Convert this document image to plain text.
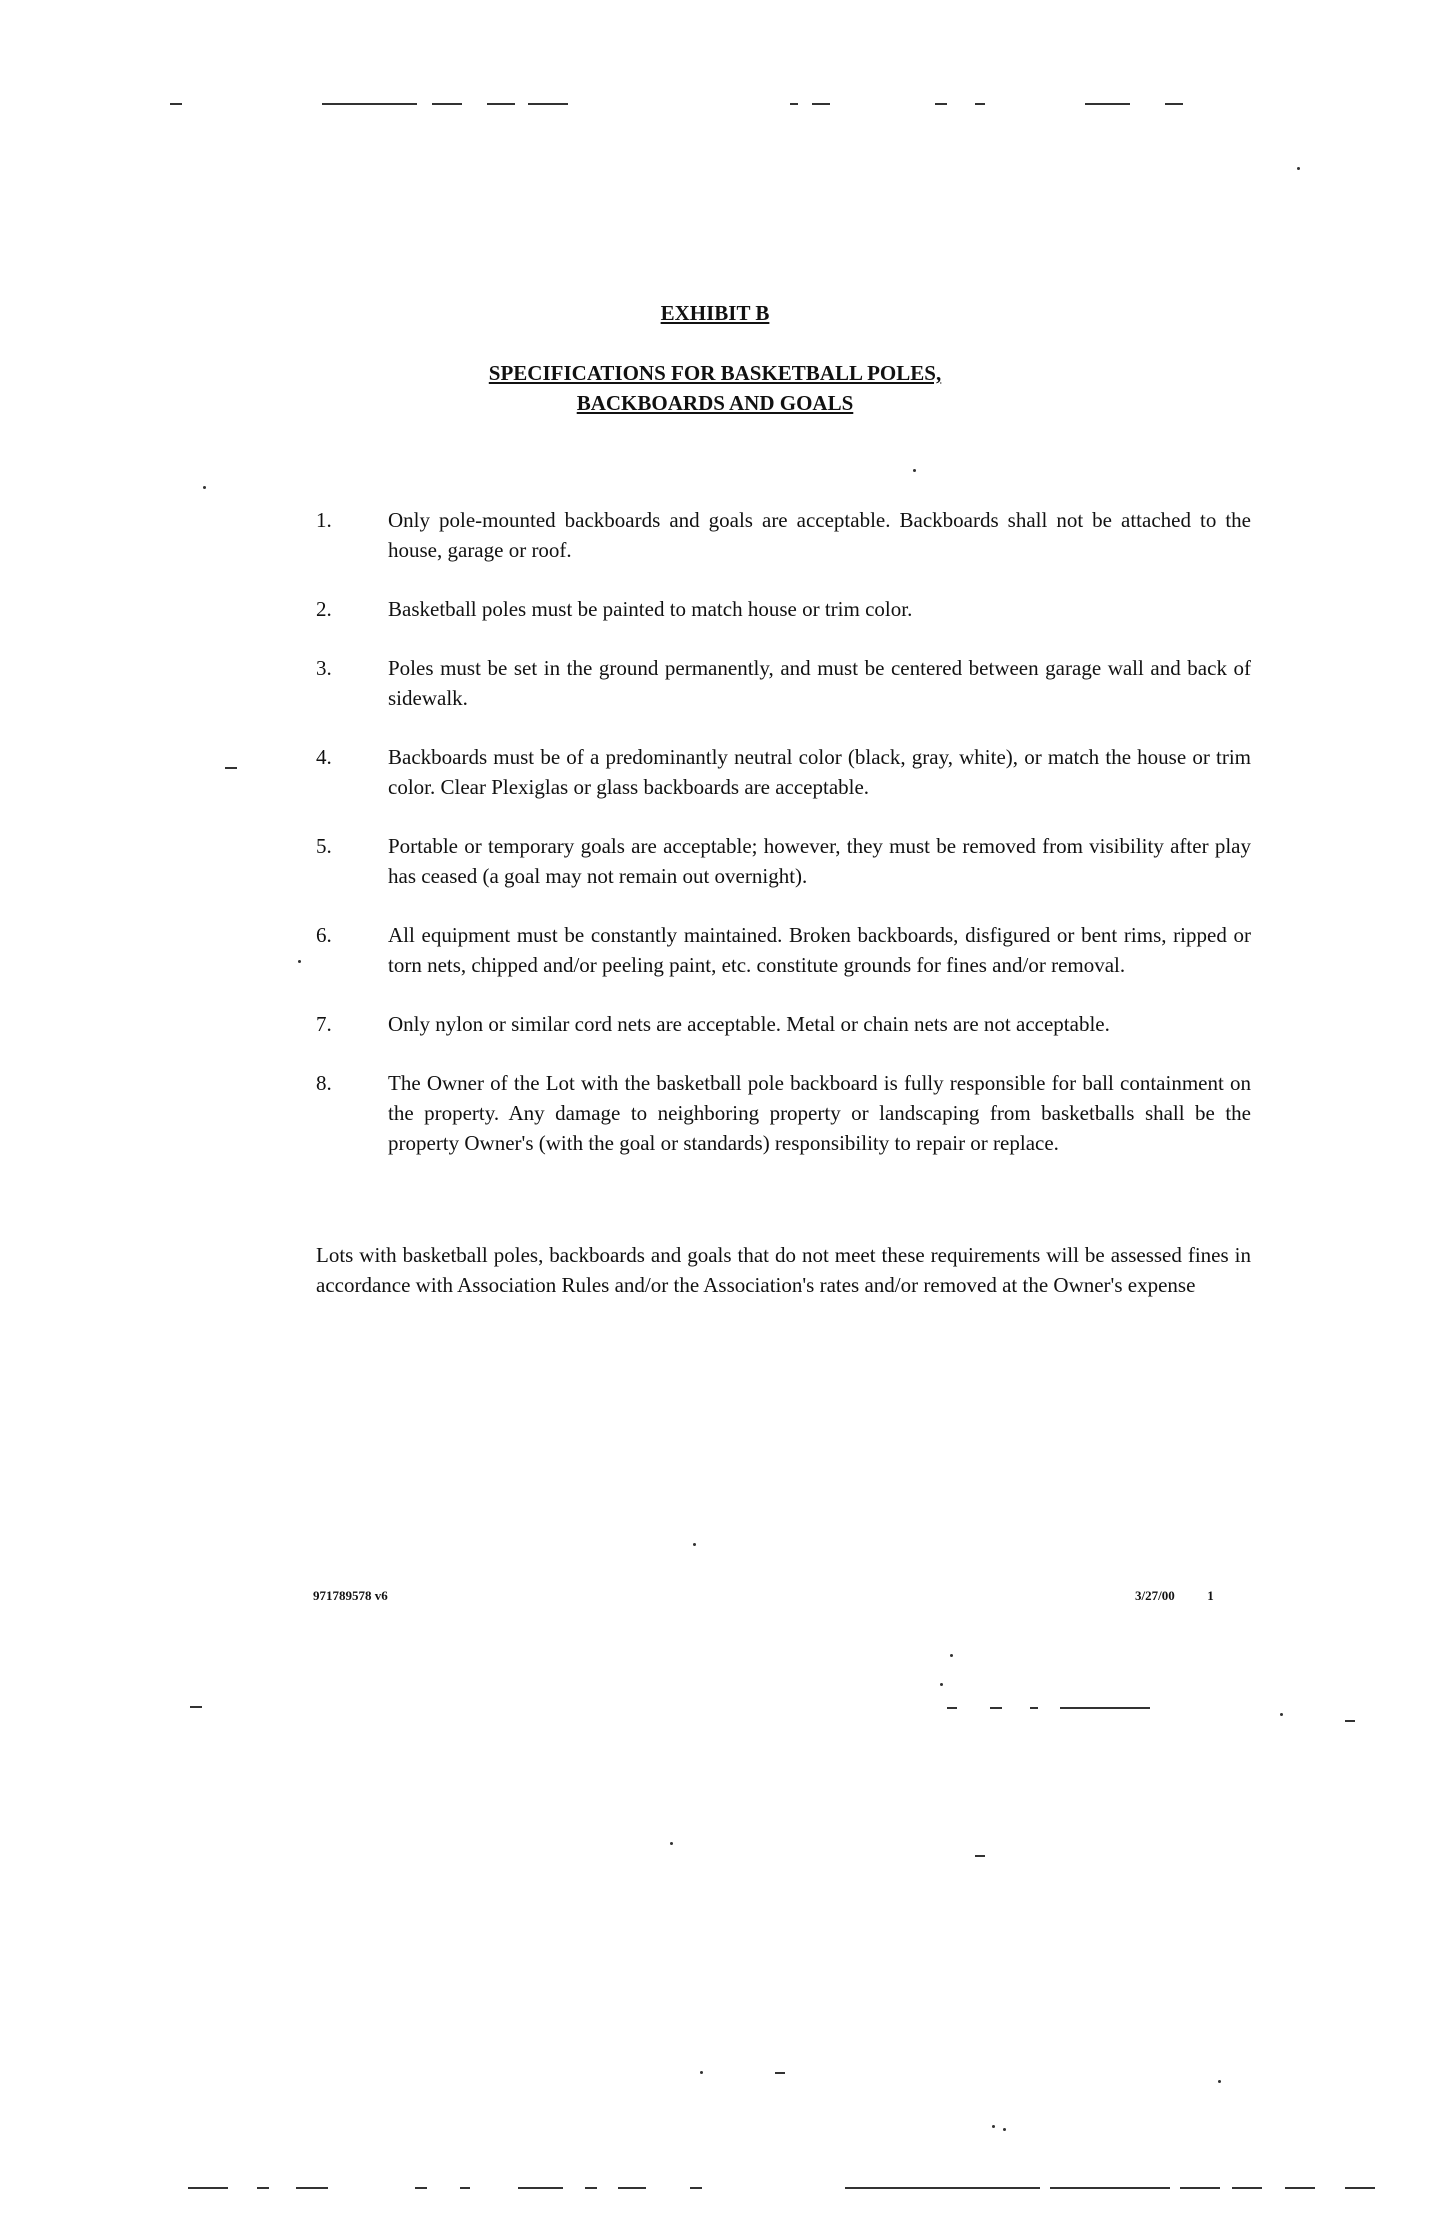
EXHIBIT B
SPECIFICATIONS FOR BASKETBALL POLES,
BACKBOARDS AND GOALS
1.	Only pole-mounted backboards and goals are acceptable. Backboards shall not be attached to the house, garage or roof.
2.	Basketball poles must be painted to match house or trim color.
3.	Poles must be set in the ground permanently, and must be centered between garage wall and back of sidewalk.
4.	Backboards must be of a predominantly neutral color (black, gray, white), or match the house or trim color. Clear Plexiglas or glass backboards are acceptable.
5.	Portable or temporary goals are acceptable; however, they must be removed from visibility after play has ceased (a goal may not remain out overnight).
6.	All equipment must be constantly maintained. Broken backboards, disfigured or bent rims, ripped or torn nets, chipped and/or peeling paint, etc. constitute grounds for fines and/or removal.
7.	Only nylon or similar cord nets are acceptable. Metal or chain nets are not acceptable.
8.	The Owner of the Lot with the basketball pole backboard is fully responsible for ball containment on the property. Any damage to neighboring property or landscaping from basketballs shall be the property Owner's (with the goal or standards) responsibility to repair or replace.

Lots with basketball poles, backboards and goals that do not meet these requirements will be assessed fines in accordance with Association Rules and/or the Association's rates and/or removed at the Owner's expense

971789578 v6	3/27/00	1
